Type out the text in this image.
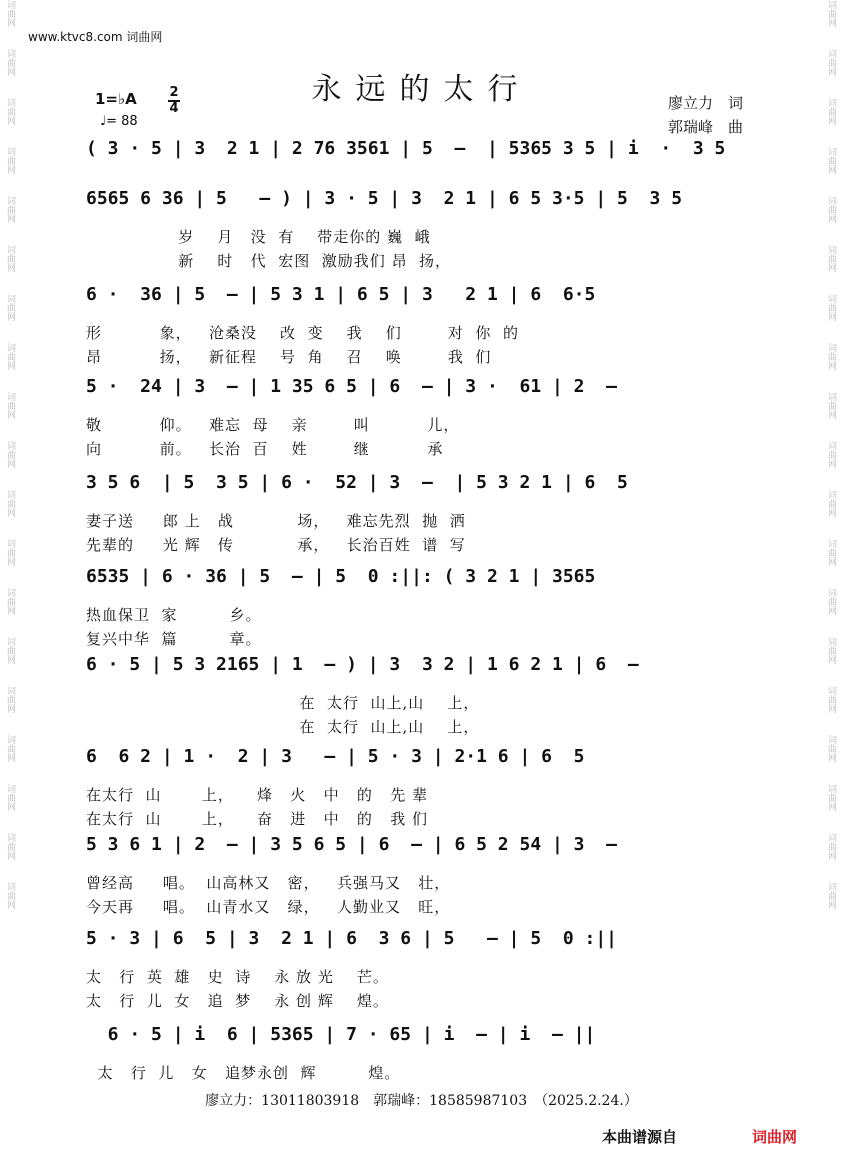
词曲网
词曲网
词曲网
词曲网
词曲网
词曲网
词曲网
词曲网
词曲网
词曲网
词曲网
词曲网
词曲网
词曲网
词曲网
词曲网
词曲网
词曲网
词曲网
词曲网
词曲网
词曲网
词曲网
词曲网
词曲网
词曲网
词曲网
词曲网
词曲网
词曲网
词曲网
词曲网
词曲网
词曲网
词曲网
词曲网
词曲网
词曲网
www.ktvc8.com 词曲网
永远的太行
1=♭A	2
4
♩= 88
廖立力　词
郭瑞峰　曲
( 3 · 5 | 3  2 1 | 2 76 3561 | 5  –  | 5365 3 5 | i  ·  3 5
6565 6 36 | 5   – ) | 3 · 5 | 3  2 1 | 6 5 3·5 | 5  3 5
岁    月   没  有    带走你的 巍  峨
新    时   代  宏图  激励我们 昂  扬，
6 ·  36 | 5  – | 5 3 1 | 6 5 | 3   2 1 | 6  6·5
形          象，   沧桑没    改  变    我    们        对  你  的
昂          扬，   新征程    号  角    召    唤        我  们
5 ·  24 | 3  – | 1 35 6 5 | 6  – | 3 ·  61 | 2  –
敬          仰。   难忘  母    亲        叫          儿，
向          前。   长治  百    姓        继          承
3 5 6  | 5  3 5 | 6 ·  52 | 3  –  | 5 3 2 1 | 6  5
妻子送     郎 上   战           场，   难忘先烈  抛  洒
先辈的     光 辉   传           承，   长治百姓  谱  写
6535 | 6 · 36 | 5  – | 5  0 :||: ( 3 2 1 | 3565
热血保卫  家         乡。
复兴中华  篇         章。
6 · 5 | 5 3 2165 | 1  – ) | 3  3 2 | 1 6 2 1 | 6  –
在  太行  山上,山    上，
在  太行  山上,山    上，
6  6 2 | 1 ·  2 | 3   – | 5 · 3 | 2·1 6 | 6  5
在太行  山       上，    烽   火   中   的   先 辈
在太行  山       上，    奋   进   中   的   我 们
5 3 6 1 | 2  – | 3 5 6 5 | 6  – | 6 5 2 54 | 3  –
曾经高     唱。  山高林又   密，   兵强马又   壮，
今天再     唱。  山青水又   绿，   人勤业又   旺，
5 · 3 | 6  5 | 3  2 1 | 6  3 6 | 5   – | 5  0 :||
太   行  英  雄   史  诗    永 放 光    芒。
太   行  儿  女   追  梦    永 创 辉    煌。
6 · 5 | i  6 | 5365 | 7 · 65 | i  – | i  – ||
太   行  儿   女   追梦永创  辉         煌。
廖立力：13011803918　郭瑞峰：18585987103　（2025.2.24.）
本曲谱源自	词曲网
